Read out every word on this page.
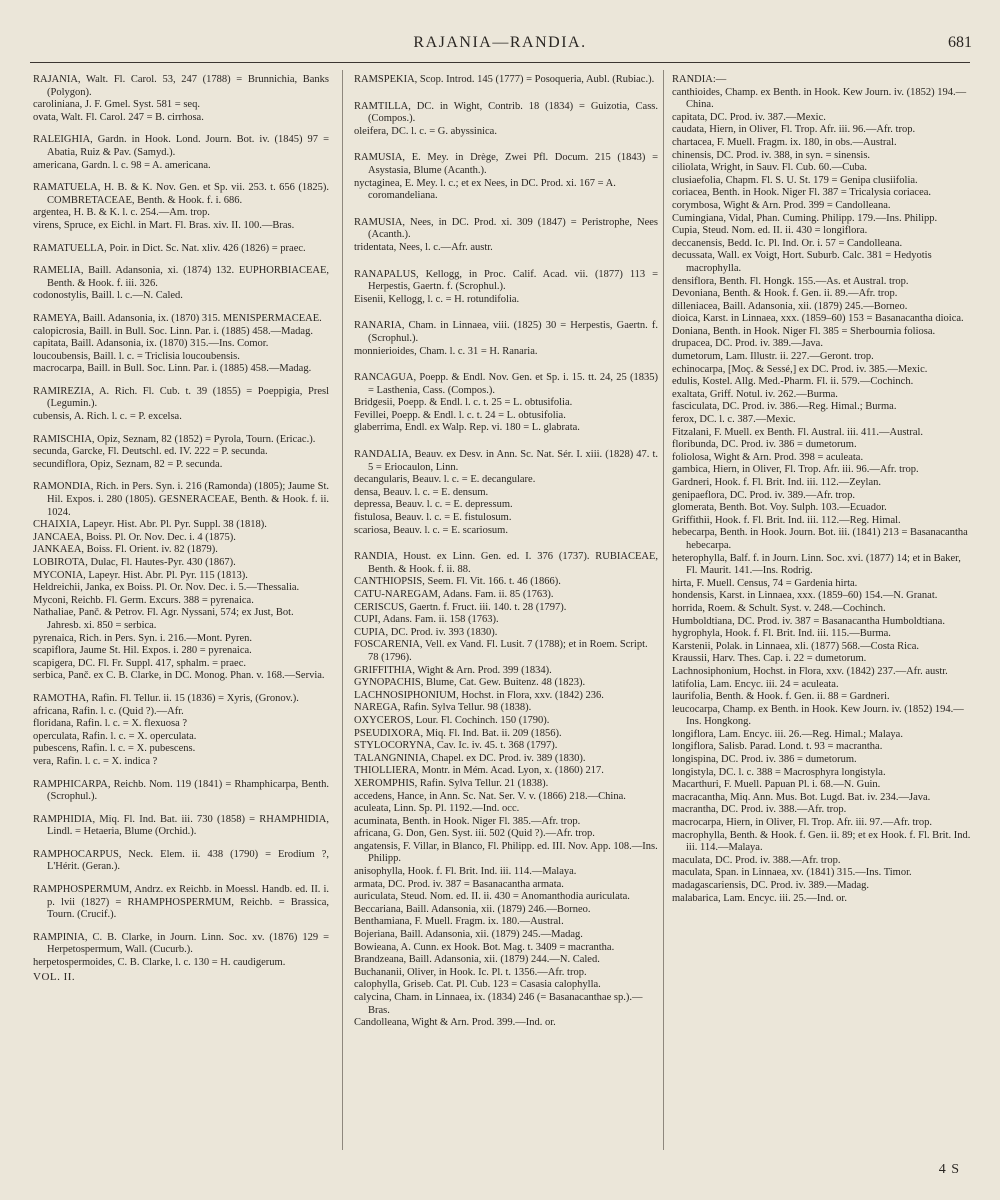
RAJANIA—RANDIA.	681

RAJANIA, Walt. Fl. Carol. 53, 247 (1788) = Brunnichia, Banks (Polygon).

caroliniana, J. F. Gmel. Syst. 581 = seq.

ovata, Walt. Fl. Carol. 247 = B. cirrhosa.

RALEIGHIA, Gardn. in Hook. Lond. Journ. Bot. iv. (1845) 97 = Abatia, Ruiz & Pav. (Samyd.).

americana, Gardn. l. c. 98 = A. americana.

RAMATUELA, H. B. & K. Nov. Gen. et Sp. vii. 253. t. 656 (1825). COMBRETACEAE, Benth. & Hook. f. i. 686.

argentea, H. B. & K. l. c. 254.—Am. trop.

virens, Spruce, ex Eichl. in Mart. Fl. Bras. xiv. II. 100.—Bras.

RAMATUELLA, Poir. in Dict. Sc. Nat. xliv. 426 (1826) = praec.

RAMELIA, Baill. Adansonia, xi. (1874) 132. EUPHORBIACEAE, Benth. & Hook. f. iii. 326.

codonostylis, Baill. l. c.—N. Caled.

RAMEYA, Baill. Adansonia, ix. (1870) 315. MENISPERMACEAE.

calopicrosia, Baill. in Bull. Soc. Linn. Par. i. (1885) 458.—Madag.

capitata, Baill. Adansonia, ix. (1870) 315.—Ins. Comor.

loucoubensis, Baill. l. c. = Triclisia loucoubensis.

macrocarpa, Baill. in Bull. Soc. Linn. Par. i. (1885) 458.—Madag.

RAMIREZIA, A. Rich. Fl. Cub. t. 39 (1855) = Poeppigia, Presl (Legumin.).

cubensis, A. Rich. l. c. = P. excelsa.

RAMISCHIA, Opiz, Seznam, 82 (1852) = Pyrola, Tourn. (Ericac.).

secunda, Garcke, Fl. Deutschl. ed. IV. 222 = P. secunda.

secundiflora, Opiz, Seznam, 82 = P. secunda.

RAMONDIA, Rich. in Pers. Syn. i. 216 (Ramonda) (1805); Jaume St. Hil. Expos. i. 280 (1805). GESNERACEAE, Benth. & Hook. f. ii. 1024.

CHAIXIA, Lapeyr. Hist. Abr. Pl. Pyr. Suppl. 38 (1818).

JANCAEA, Boiss. Pl. Or. Nov. Dec. i. 4 (1875).

JANKAEA, Boiss. Fl. Orient. iv. 82 (1879).

LOBIROTA, Dulac, Fl. Hautes-Pyr. 430 (1867).

MYCONIA, Lapeyr. Hist. Abr. Pl. Pyr. 115 (1813).

Heldreichii, Janka, ex Boiss. Pl. Or. Nov. Dec. i. 5.—Thessalia.

Myconi, Reichb. Fl. Germ. Excurs. 388 = pyrenaica.

Nathaliae, Panč. & Petrov. Fl. Agr. Nyssani, 574; ex Just, Bot. Jahresb. xi. 850 = serbica.

pyrenaica, Rich. in Pers. Syn. i. 216.—Mont. Pyren.

scapiflora, Jaume St. Hil. Expos. i. 280 = pyrenaica.

scapigera, DC. Fl. Fr. Suppl. 417, sphalm. = praec.

serbica, Panč. ex C. B. Clarke, in DC. Monog. Phan. v. 168.—Servia.

RAMOTHA, Rafin. Fl. Tellur. ii. 15 (1836) = Xyris, (Gronov.).

africana, Rafin. l. c. (Quid ?).—Afr.

floridana, Rafin. l. c. = X. flexuosa ?

operculata, Rafin. l. c. = X. operculata.

pubescens, Rafin. l. c. = X. pubescens.

vera, Rafin. l. c. = X. indica ?

RAMPHICARPA, Reichb. Nom. 119 (1841) = Rhamphicarpa, Benth. (Scrophul.).

RAMPHIDIA, Miq. Fl. Ind. Bat. iii. 730 (1858) = RHAMPHIDIA, Lindl. = Hetaeria, Blume (Orchid.).

RAMPHOCARPUS, Neck. Elem. ii. 438 (1790) = Erodium ?, L'Hérit. (Geran.).

RAMPHOSPERMUM, Andrz. ex Reichb. in Moessl. Handb. ed. II. i. p. lvii (1827) = RHAMPHOSPERMUM, Reichb. = Brassica, Tourn. (Crucif.).

RAMPINIA, C. B. Clarke, in Journ. Linn. Soc. xv. (1876) 129 = Herpetospermum, Wall. (Cucurb.).

herpetospermoides, C. B. Clarke, l. c. 130 = H. caudigerum.

VOL. II.

RAMSPEKIA, Scop. Introd. 145 (1777) = Posoqueria, Aubl. (Rubiac.).

RAMTILLA, DC. in Wight, Contrib. 18 (1834) = Guizotia, Cass. (Compos.).

oleifera, DC. l. c. = G. abyssinica.

RAMUSIA, E. Mey. in Drège, Zwei Pfl. Docum. 215 (1843) = Asystasia, Blume (Acanth.).

nyctaginea, E. Mey. l. c.; et ex Nees, in DC. Prod. xi. 167 = A. coromandeliana.

RAMUSIA, Nees, in DC. Prod. xi. 309 (1847) = Peristrophe, Nees (Acanth.).

tridentata, Nees, l. c.—Afr. austr.

RANAPALUS, Kellogg, in Proc. Calif. Acad. vii. (1877) 113 = Herpestis, Gaertn. f. (Scrophul.).

Eisenii, Kellogg, l. c. = H. rotundifolia.

RANARIA, Cham. in Linnaea, viii. (1825) 30 = Herpestis, Gaertn. f. (Scrophul.).

monnierioides, Cham. l. c. 31 = H. Ranaria.

RANCAGUA, Poepp. & Endl. Nov. Gen. et Sp. i. 15. tt. 24, 25 (1835) = Lasthenia, Cass. (Compos.).

Bridgesii, Poepp. & Endl. l. c. t. 25 = L. obtusifolia.

Fevillei, Poepp. & Endl. l. c. t. 24 = L. obtusifolia.

glaberrima, Endl. ex Walp. Rep. vi. 180 = L. glabrata.

RANDALIA, Beauv. ex Desv. in Ann. Sc. Nat. Sér. I. xiii. (1828) 47. t. 5 = Eriocaulon, Linn.

decangularis, Beauv. l. c. = E. decangulare.

densa, Beauv. l. c. = E. densum.

depressa, Beauv. l. c. = E. depressum.

fistulosa, Beauv. l. c. = E. fistulosum.

scariosa, Beauv. l. c. = E. scariosum.

RANDIA, Houst. ex Linn. Gen. ed. I. 376 (1737). RUBIACEAE, Benth. & Hook. f. ii. 88.

CANTHIOPSIS, Seem. Fl. Vit. 166. t. 46 (1866).

CATU-NAREGAM, Adans. Fam. ii. 85 (1763).

CERISCUS, Gaertn. f. Fruct. iii. 140. t. 28 (1797).

CUPI, Adans. Fam. ii. 158 (1763).

CUPIA, DC. Prod. iv. 393 (1830).

FOSCARENIA, Vell. ex Vand. Fl. Lusit. 7 (1788); et in Roem. Script. 78 (1796).

GRIFFITHIA, Wight & Arn. Prod. 399 (1834).

GYNOPACHIS, Blume, Cat. Gew. Buitenz. 48 (1823).

LACHNOSIPHONIUM, Hochst. in Flora, xxv. (1842) 236.

NAREGA, Rafin. Sylva Tellur. 98 (1838).

OXYCEROS, Lour. Fl. Cochinch. 150 (1790).

PSEUDIXORA, Miq. Fl. Ind. Bat. ii. 209 (1856).

STYLOCORYNA, Cav. Ic. iv. 45. t. 368 (1797).

TALANGNINIA, Chapel. ex DC. Prod. iv. 389 (1830).

THIOLLIERA, Montr. in Mém. Acad. Lyon, x. (1860) 217.

XEROMPHIS, Rafin. Sylva Tellur. 21 (1838).

accedens, Hance, in Ann. Sc. Nat. Ser. V. v. (1866) 218.—China.

aculeata, Linn. Sp. Pl. 1192.—Ind. occ.

acuminata, Benth. in Hook. Niger Fl. 385.—Afr. trop.

africana, G. Don, Gen. Syst. iii. 502 (Quid ?).—Afr. trop.

angatensis, F. Villar, in Blanco, Fl. Philipp. ed. III. Nov. App. 108.—Ins. Philipp.

anisophylla, Hook. f. Fl. Brit. Ind. iii. 114.—Malaya.

armata, DC. Prod. iv. 387 = Basanacantha armata.

auriculata, Steud. Nom. ed. II. ii. 430 = Anomanthodia auriculata.

Beccariana, Baill. Adansonia, xii. (1879) 246.—Borneo.

Benthamiana, F. Muell. Fragm. ix. 180.—Austral.

Bojeriana, Baill. Adansonia, xii. (1879) 245.—Madag.

Bowieana, A. Cunn. ex Hook. Bot. Mag. t. 3409 = macrantha.

Brandzeana, Baill. Adansonia, xii. (1879) 244.—N. Caled.

Buchananii, Oliver, in Hook. Ic. Pl. t. 1356.—Afr. trop.

calophylla, Griseb. Cat. Pl. Cub. 123 = Casasia calophylla.

calycina, Cham. in Linnaea, ix. (1834) 246 (= Basanacanthae sp.).—Bras.

Candolleana, Wight & Arn. Prod. 399.—Ind. or.

RANDIA:—

canthioides, Champ. ex Benth. in Hook. Kew Journ. iv. (1852) 194.—China.

capitata, DC. Prod. iv. 387.—Mexic.

caudata, Hiern, in Oliver, Fl. Trop. Afr. iii. 96.—Afr. trop.

chartacea, F. Muell. Fragm. ix. 180, in obs.—Austral.

chinensis, DC. Prod. iv. 388, in syn. = sinensis.

ciliolata, Wright, in Sauv. Fl. Cub. 60.—Cuba.

clusiaefolia, Chapm. Fl. S. U. St. 179 = Genipa clusiifolia.

coriacea, Benth. in Hook. Niger Fl. 387 = Tricalysia coriacea.

corymbosa, Wight & Arn. Prod. 399 = Candolleana.

Cumingiana, Vidal, Phan. Cuming. Philipp. 179.—Ins. Philipp.

Cupia, Steud. Nom. ed. II. ii. 430 = longiflora.

deccanensis, Bedd. Ic. Pl. Ind. Or. i. 57 = Candolleana.

decussata, Wall. ex Voigt, Hort. Suburb. Calc. 381 = Hedyotis macrophylla.

densiflora, Benth. Fl. Hongk. 155.—As. et Austral. trop.

Devoniana, Benth. & Hook. f. Gen. ii. 89.—Afr. trop.

dilleniacea, Baill. Adansonia, xii. (1879) 245.—Borneo.

dioica, Karst. in Linnaea, xxx. (1859–60) 153 = Basanacantha dioica.

Doniana, Benth. in Hook. Niger Fl. 385 = Sherbournia foliosa.

drupacea, DC. Prod. iv. 389.—Java.

dumetorum, Lam. Illustr. ii. 227.—Geront. trop.

echinocarpa, [Moç. & Sessé,] ex DC. Prod. iv. 385.—Mexic.

edulis, Kostel. Allg. Med.-Pharm. Fl. ii. 579.—Cochinch.

exaltata, Griff. Notul. iv. 262.—Burma.

fasciculata, DC. Prod. iv. 386.—Reg. Himal.; Burma.

ferox, DC. l. c. 387.—Mexic.

Fitzalani, F. Muell. ex Benth. Fl. Austral. iii. 411.—Austral.

floribunda, DC. Prod. iv. 386 = dumetorum.

foliolosa, Wight & Arn. Prod. 398 = aculeata.

gambica, Hiern, in Oliver, Fl. Trop. Afr. iii. 96.—Afr. trop.

Gardneri, Hook. f. Fl. Brit. Ind. iii. 112.—Zeylan.

genipaeflora, DC. Prod. iv. 389.—Afr. trop.

glomerata, Benth. Bot. Voy. Sulph. 103.—Ecuador.

Griffithii, Hook. f. Fl. Brit. Ind. iii. 112.—Reg. Himal.

hebecarpa, Benth. in Hook. Journ. Bot. iii. (1841) 213 = Basanacantha hebecarpa.

heterophylla, Balf. f. in Journ. Linn. Soc. xvi. (1877) 14; et in Baker, Fl. Maurit. 141.—Ins. Rodrig.

hirta, F. Muell. Census, 74 = Gardenia hirta.

hondensis, Karst. in Linnaea, xxx. (1859–60) 154.—N. Granat.

horrida, Roem. & Schult. Syst. v. 248.—Cochinch.

Humboldtiana, DC. Prod. iv. 387 = Basanacantha Humboldtiana.

hygrophyla, Hook. f. Fl. Brit. Ind. iii. 115.—Burma.

Karstenii, Polak. in Linnaea, xli. (1877) 568.—Costa Rica.

Kraussii, Harv. Thes. Cap. i. 22 = dumetorum.

Lachnosiphonium, Hochst. in Flora, xxv. (1842) 237.—Afr. austr.

latifolia, Lam. Encyc. iii. 24 = aculeata.

laurifolia, Benth. & Hook. f. Gen. ii. 88 = Gardneri.

leucocarpa, Champ. ex Benth. in Hook. Kew Journ. iv. (1852) 194.—Ins. Hongkong.

longiflora, Lam. Encyc. iii. 26.—Reg. Himal.; Malaya.

longiflora, Salisb. Parad. Lond. t. 93 = macrantha.

longispina, DC. Prod. iv. 386 = dumetorum.

longistyla, DC. l. c. 388 = Macrosphyra longistyla.

Macarthuri, F. Muell. Papuan Pl. i. 68.—N. Guin.

macracantha, Miq. Ann. Mus. Bot. Lugd. Bat. iv. 234.—Java.

macrantha, DC. Prod. iv. 388.—Afr. trop.

macrocarpa, Hiern, in Oliver, Fl. Trop. Afr. iii. 97.—Afr. trop.

macrophylla, Benth. & Hook. f. Gen. ii. 89; et ex Hook. f. Fl. Brit. Ind. iii. 114.—Malaya.

maculata, DC. Prod. iv. 388.—Afr. trop.

maculata, Span. in Linnaea, xv. (1841) 315.—Ins. Timor.

madagascariensis, DC. Prod. iv. 389.—Madag.

malabarica, Lam. Encyc. iii. 25.—Ind. or.

4 S
